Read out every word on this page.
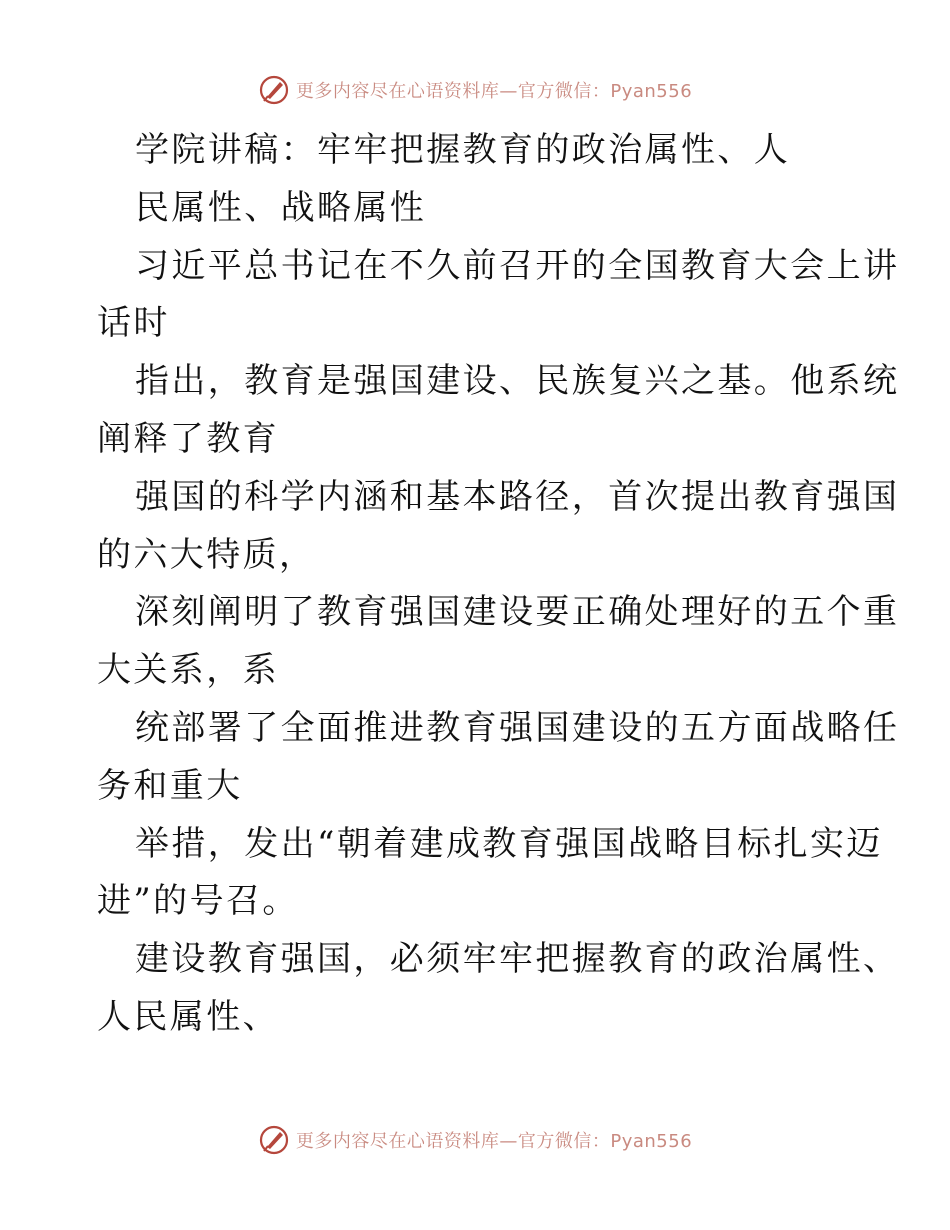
更多内容尽在心语资料库—官方微信：Pyan556
学院讲稿：牢牢把握教育的政治属性、人
民属性、战略属性
习近平总书记在不久前召开的全国教育大会上讲
话时
指出，教育是强国建设、民族复兴之基。他系统
阐释了教育
强国的科学内涵和基本路径，首次提出教育强国
的六大特质，
深刻阐明了教育强国建设要正确处理好的五个重
大关系，系
统部署了全面推进教育强国建设的五方面战略任
务和重大
举措，发出“朝着建成教育强国战略目标扎实迈
进”的号召。
建设教育强国，必须牢牢把握教育的政治属性、
人民属性、
更多内容尽在心语资料库—官方微信：Pyan556
